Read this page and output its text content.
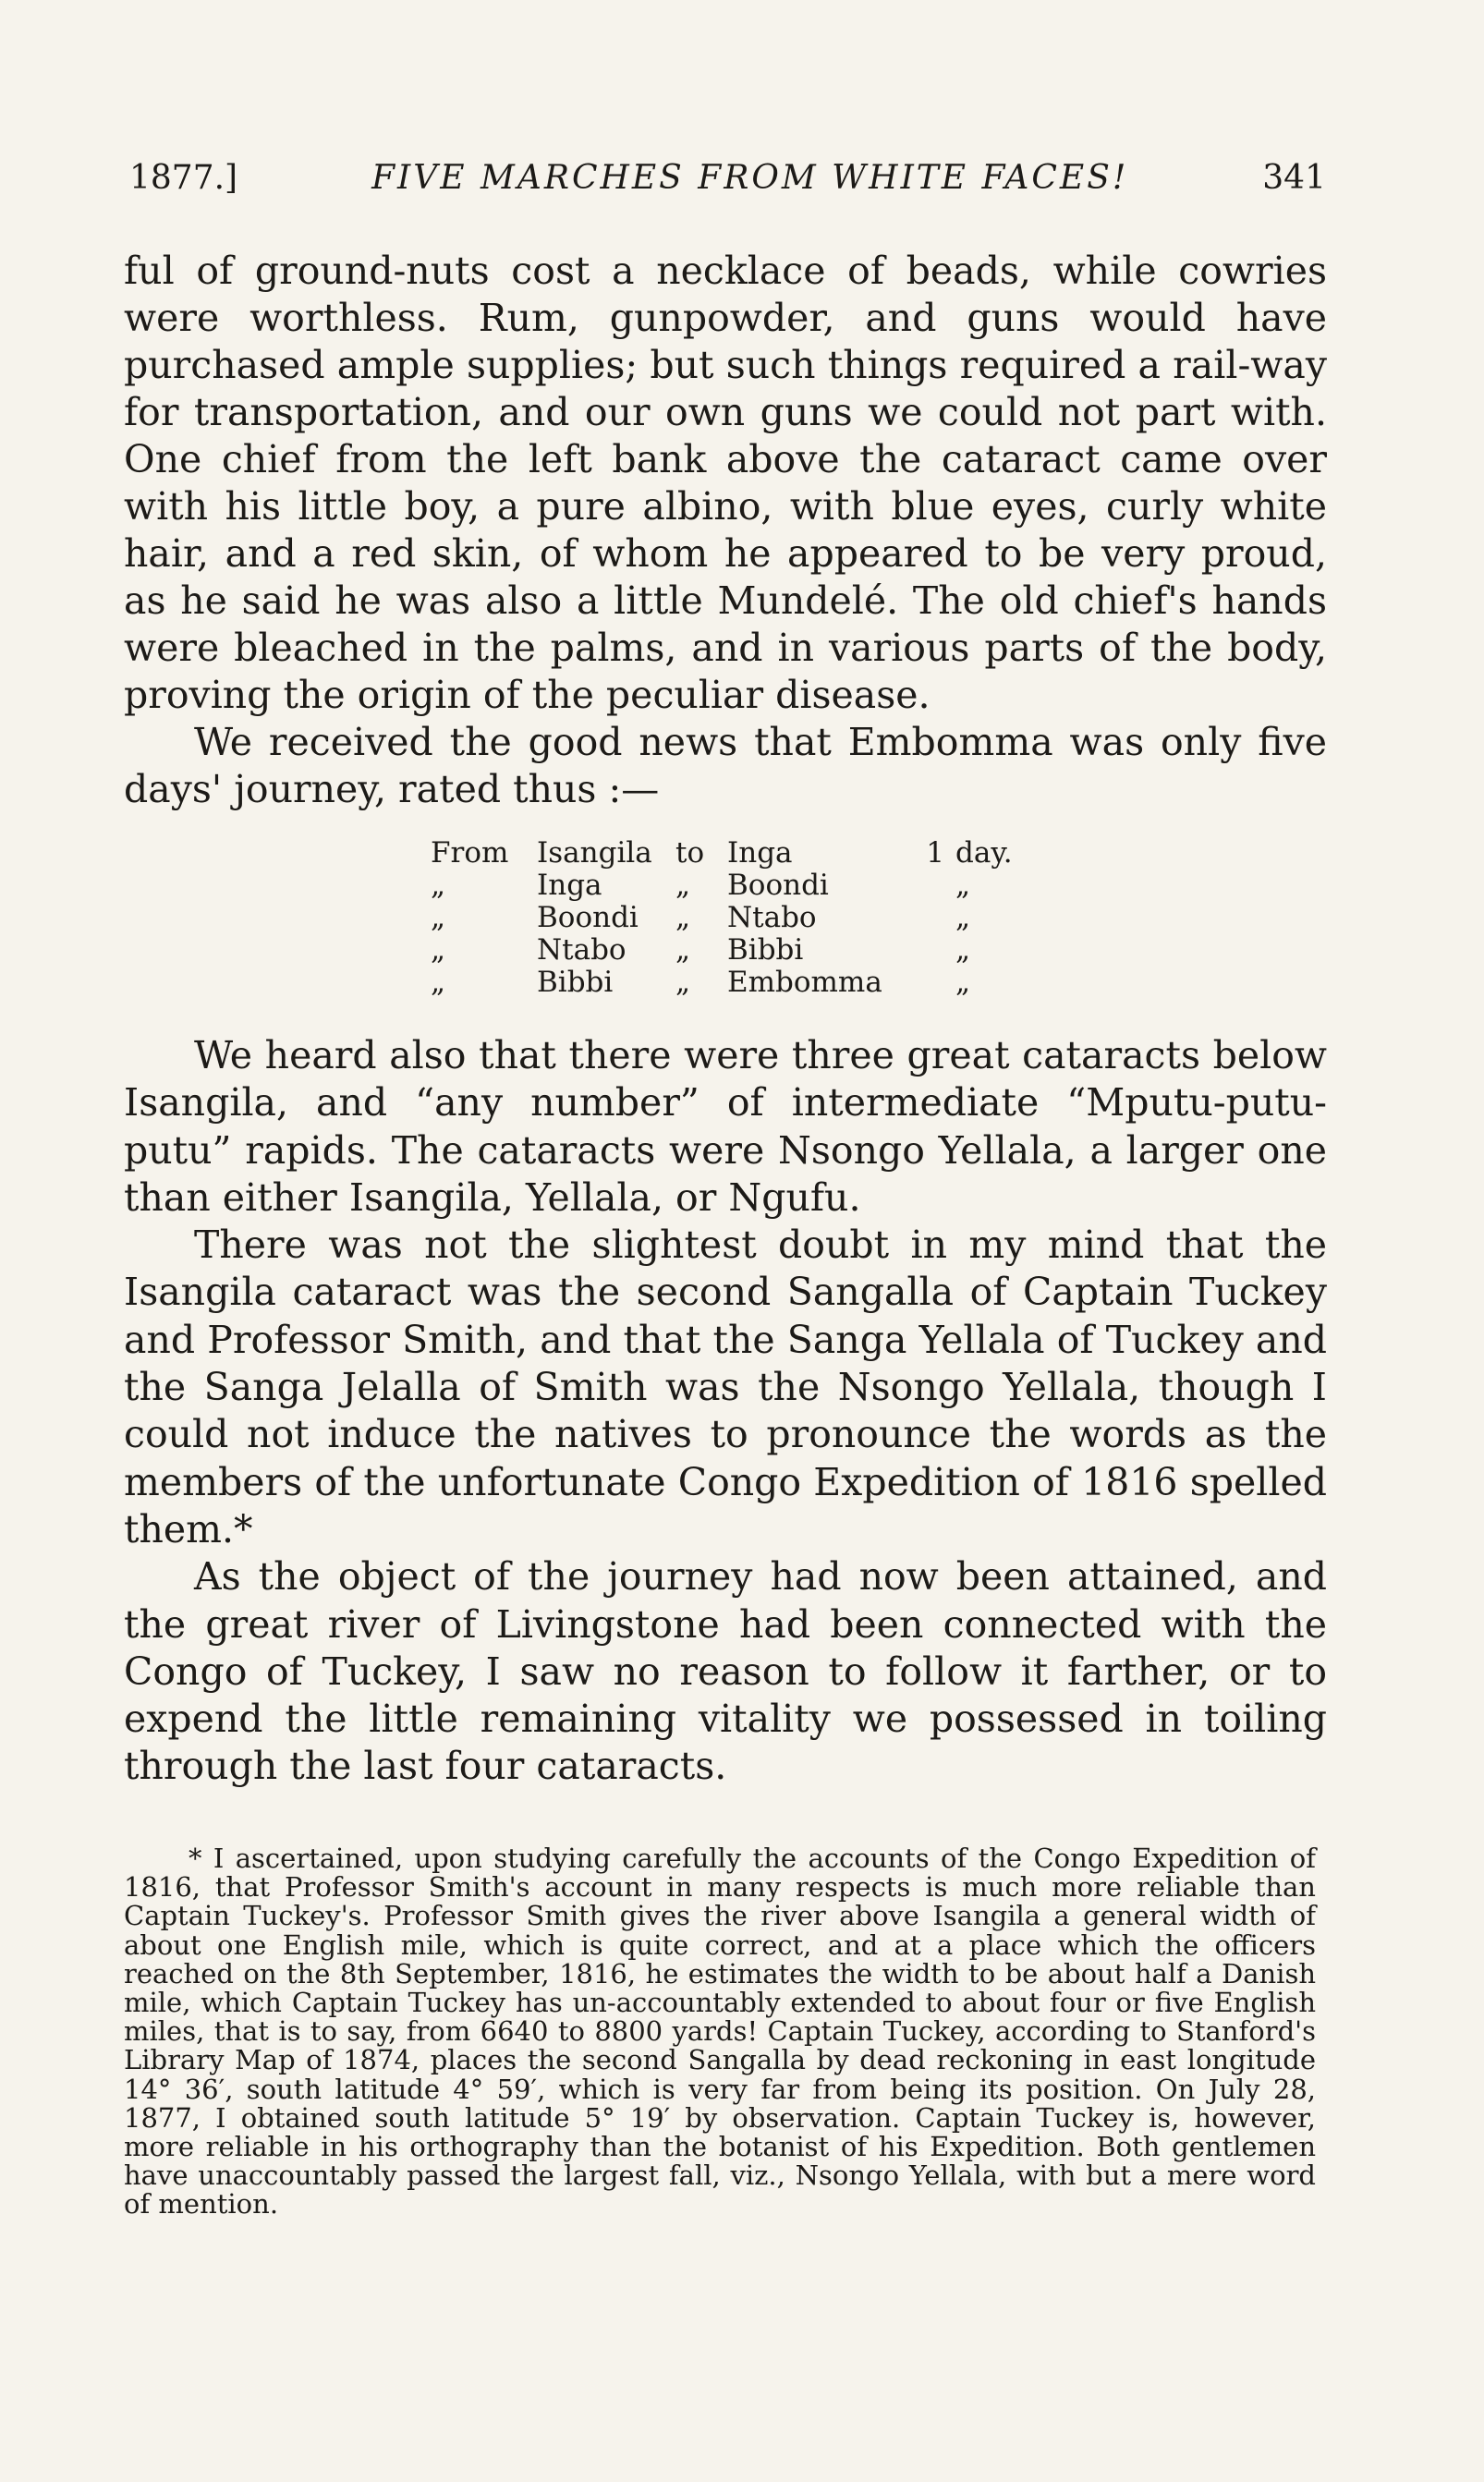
1877.]	FIVE MARCHES FROM WHITE FACES!	341

ful of ground-nuts cost a necklace of beads, while cowries were worthless. Rum, gunpowder, and guns would have purchased ample supplies; but such things required a rail-way for transportation, and our own guns we could not part with. One chief from the left bank above the cataract came over with his little boy, a pure albino, with blue eyes, curly white hair, and a red skin, of whom he appeared to be very proud, as he said he was also a little Mundelé. The old chief's hands were bleached in the palms, and in various parts of the body, proving the origin of the peculiar disease.

We received the good news that Embomma was only five days' journey, rated thus :—

From	Isangila	to	Inga	1	day.
„	Inga	„	Boondi		„
„	Boondi	„	Ntabo		„
„	Ntabo	„	Bibbi		„
„	Bibbi	„	Embomma		„

We heard also that there were three great cataracts below Isangila, and “any number” of intermediate “Mputu-putu-putu” rapids. The cataracts were Nsongo Yellala, a larger one than either Isangila, Yellala, or Ngufu.

There was not the slightest doubt in my mind that the Isangila cataract was the second Sangalla of Captain Tuckey and Professor Smith, and that the Sanga Yellala of Tuckey and the Sanga Jelalla of Smith was the Nsongo Yellala, though I could not induce the natives to pronounce the words as the members of the unfortunate Congo Expedition of 1816 spelled them.*

As the object of the journey had now been attained, and the great river of Livingstone had been connected with the Congo of Tuckey, I saw no reason to follow it farther, or to expend the little remaining vitality we possessed in toiling through the last four cataracts.

* I ascertained, upon studying carefully the accounts of the Congo Expedition of 1816, that Professor Smith's account in many respects is much more reliable than Captain Tuckey's. Professor Smith gives the river above Isangila a general width of about one English mile, which is quite correct, and at a place which the officers reached on the 8th September, 1816, he estimates the width to be about half a Danish mile, which Captain Tuckey has un-accountably extended to about four or five English miles, that is to say, from 6640 to 8800 yards! Captain Tuckey, according to Stanford's Library Map of 1874, places the second Sangalla by dead reckoning in east longitude 14° 36′, south latitude 4° 59′, which is very far from being its position. On July 28, 1877, I obtained south latitude 5° 19′ by observation. Captain Tuckey is, however, more reliable in his orthography than the botanist of his Expedition. Both gentlemen have unaccountably passed the largest fall, viz., Nsongo Yellala, with but a mere word of mention.
